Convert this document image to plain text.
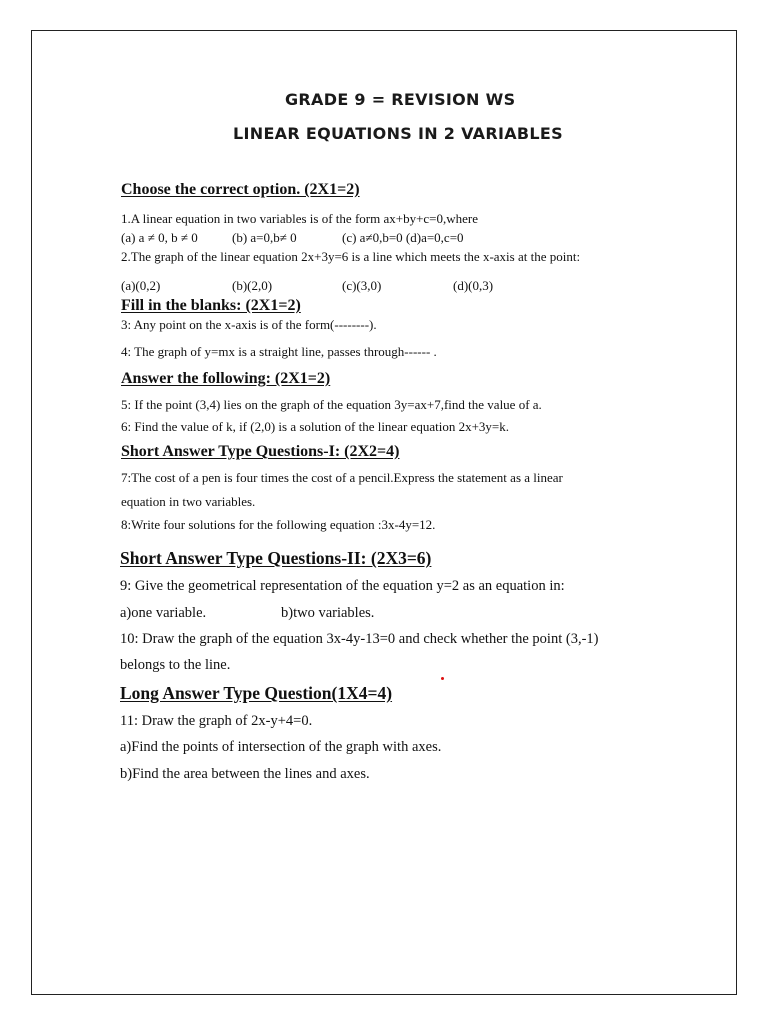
GRADE 9 = REVISION WS
LINEAR EQUATIONS IN 2 VARIABLES
Choose the correct option. (2X1=2)
1.A linear equation in two variables is of the form ax+by+c=0,where
(a) a ≠ 0, b ≠ 0	(b) a=0,b≠ 0	(c) a≠0,b=0 (d)a=0,c=0
2.The graph of the linear equation 2x+3y=6 is a line which meets the x-axis at the point:
(a)(0,2)	(b)(2,0)	(c)(3,0)	(d)(0,3)
Fill in the blanks: (2X1=2)
3: Any point on the x-axis is of the form(--------).
4: The graph of y=mx is a straight line, passes through------ .
Answer the following: (2X1=2)
5: If the point (3,4) lies on the graph of the equation 3y=ax+7,find the value of a.
6: Find the value of k, if (2,0) is a solution of the linear equation 2x+3y=k.
Short Answer Type Questions-I: (2X2=4)
7:The cost of a pen is four times the cost of a pencil.Express the statement as a linear
equation in two variables.
8:Write four solutions for the following equation :3x-4y=12.
Short Answer Type Questions-II: (2X3=6)
9: Give the geometrical representation of the equation y=2 as an equation in:
a)one variable.	b)two variables.
10: Draw the graph of the equation 3x-4y-13=0 and check whether the point (3,-1)
belongs to the line.
Long Answer Type Question(1X4=4)
11: Draw the graph of 2x-y+4=0.
a)Find the points of intersection of the graph with axes.
b)Find the area between the lines and axes.
